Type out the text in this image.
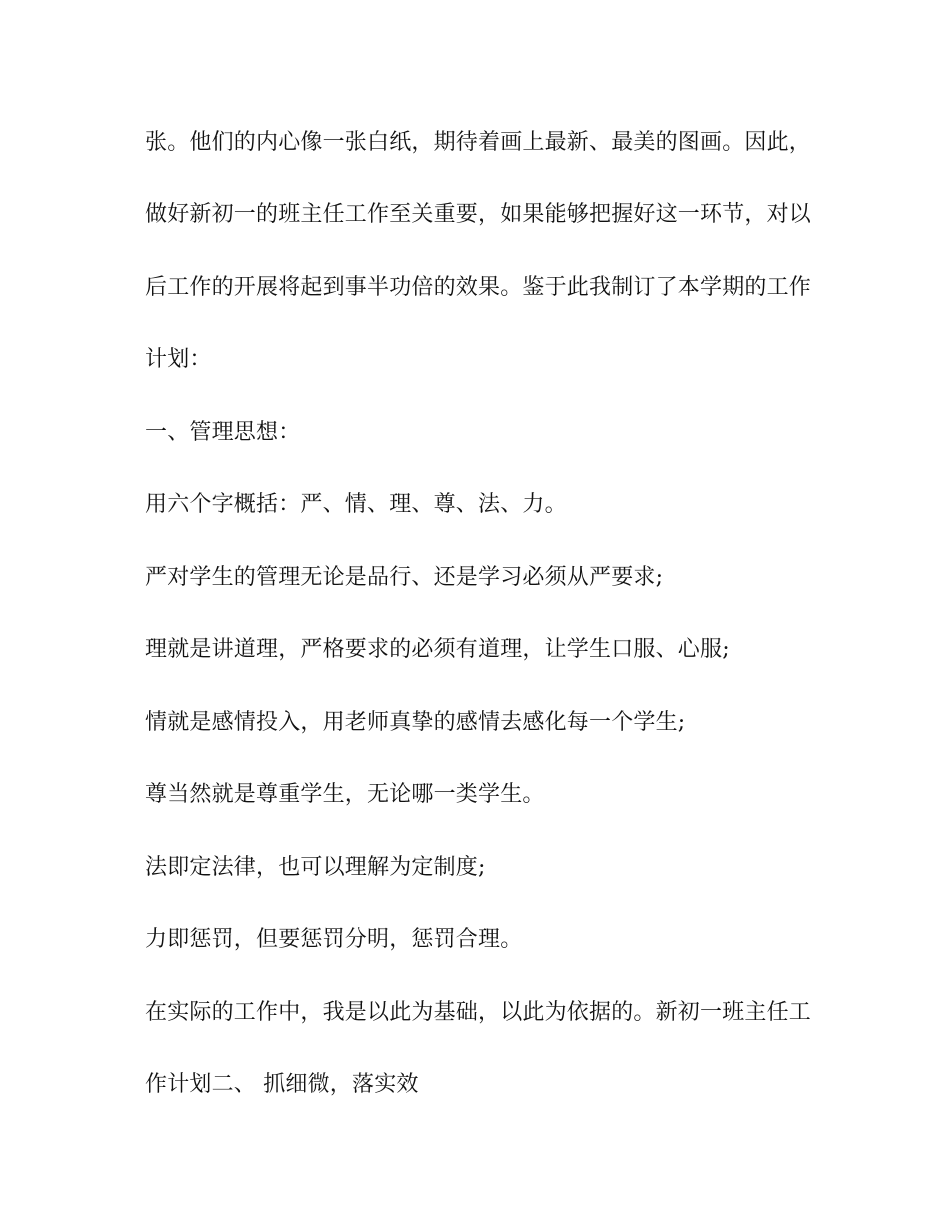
张。他们的内心像一张白纸，期待着画上最新、最美的图画。因此，
做好新初一的班主任工作至关重要，如果能够把握好这一环节，对以
后工作的开展将起到事半功倍的效果。鉴于此我制订了本学期的工作
计划：
一、管理思想：
用六个字概括：严、情、理、尊、法、力。
严对学生的管理无论是品行、还是学习必须从严要求;
理就是讲道理，严格要求的必须有道理，让学生口服、心服;
情就是感情投入，用老师真挚的感情去感化每一个学生;
尊当然就是尊重学生，无论哪一类学生。
法即定法律，也可以理解为定制度;
力即惩罚，但要惩罚分明，惩罚合理。
在实际的工作中，我是以此为基础，以此为依据的。新初一班主任工
作计划二、 抓细微，落实效
